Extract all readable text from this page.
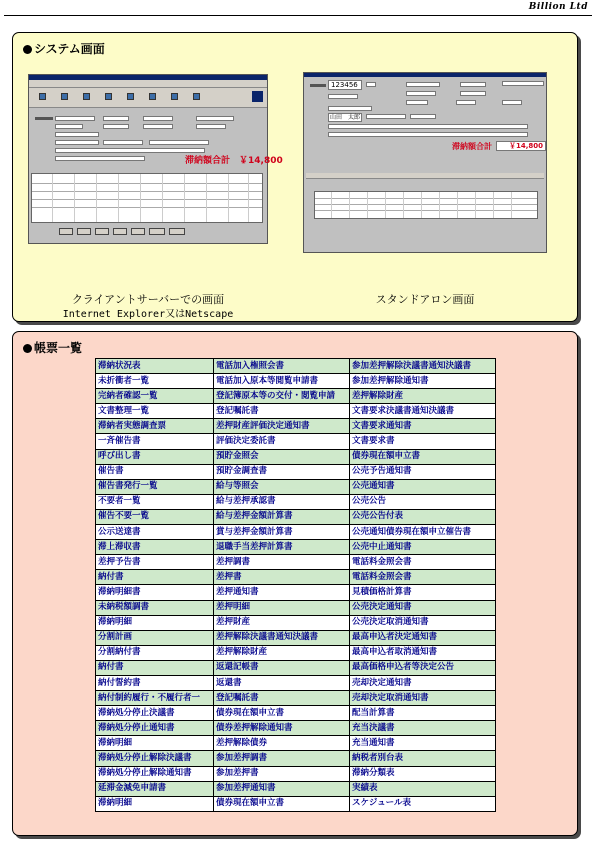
Billion Ltd
システム画面
滞納額合計　 ￥14,800
123456
山田　太郎
滞納額合計	￥14,800
クライアントサーバーでの画面
Internet Explorer又はNetscape
スタンドアロン画面
帳票一覧
滞納状況表	電話加入権照会書	参加差押解除決議書通知決議書
未折衝者一覧	電話加入原本等閲覧申請書	参加差押解除通知書
完納者確認一覧	登記簿原本等の交付・閲覧申請	差押解除財産
文書整理一覧	登記嘱託書	文書要求決議書通知決議書
滞納者実態調査票	差押財産評価決定通知書	文書要求通知書
一斉催告書	評価決定委託書	文書要求書
呼び出し書	預貯金照会	債券現在額申立書
催告書	預貯金調査書	公売予告通知書
催告書発行一覧	給与等照会	公売通知書
不要者一覧	給与差押承認書	公売公告
催告不要一覧	給与差押金額計算書	公売公告付表
公示送達書	賞与差押金額計算書	公売通知債券現在額申立催告書
滞上滞収書	退職手当差押計算書	公売中止通知書
差押予告書	差押調書	電話料金照会書
納付書	差押書	電話料金照会書
滞納明細書	差押通知書	見積価格計算書
未納税額調書	差押明細	公売決定通知書
滞納明細	差押財産	公売決定取消通知書
分割計画	差押解除決議書通知決議書	最高申込者決定通知書
分割納付書	差押解除財産	最高申込者取消通知書
納付書	返還記帳書	最高価格申込者等決定公告
納付誓約書	返還書	売却決定通知書
納付制約履行・不履行者一	登記嘱託書	売却決定取消通知書
滞納処分停止決議書	債券現在額申立書	配当計算書
滞納処分停止通知書	債券差押解除通知書	充当決議書
滞納明細	差押解除債券	充当通知書
滞納処分停止解除決議書	参加差押調書	納税者別台表
滞納処分停止解除通知書	参加差押書	滞納分類表
延滞金減免申請書	参加差押通知書	実績表
滞納明細	債券現在額申立書	スケジュール表
